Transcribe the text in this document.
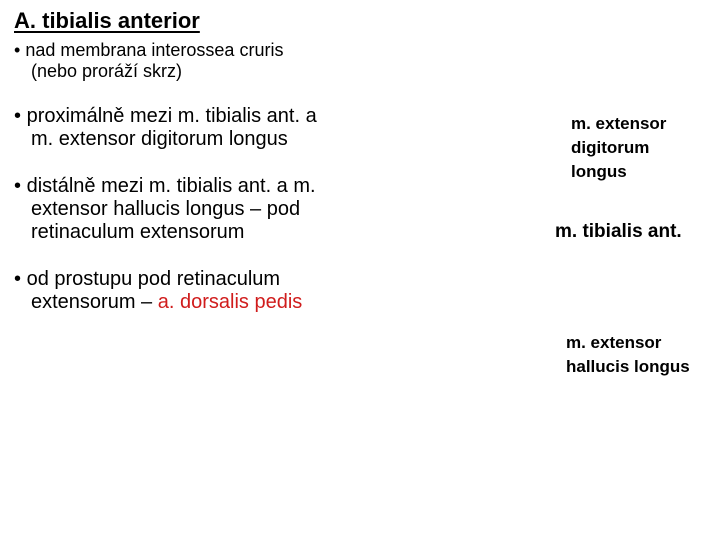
A. tibialis anterior
• nad membrana interossea cruris
(nebo proráží skrz)
• proximálně mezi m. tibialis ant. a
m. extensor digitorum longus
• distálně mezi m. tibialis ant. a m.
extensor hallucis longus – pod
retinaculum extensorum
• od prostupu pod retinaculum
extensorum – a. dorsalis pedis
m. extensor
digitorum
longus
m. tibialis ant.
m. extensor
hallucis longus
